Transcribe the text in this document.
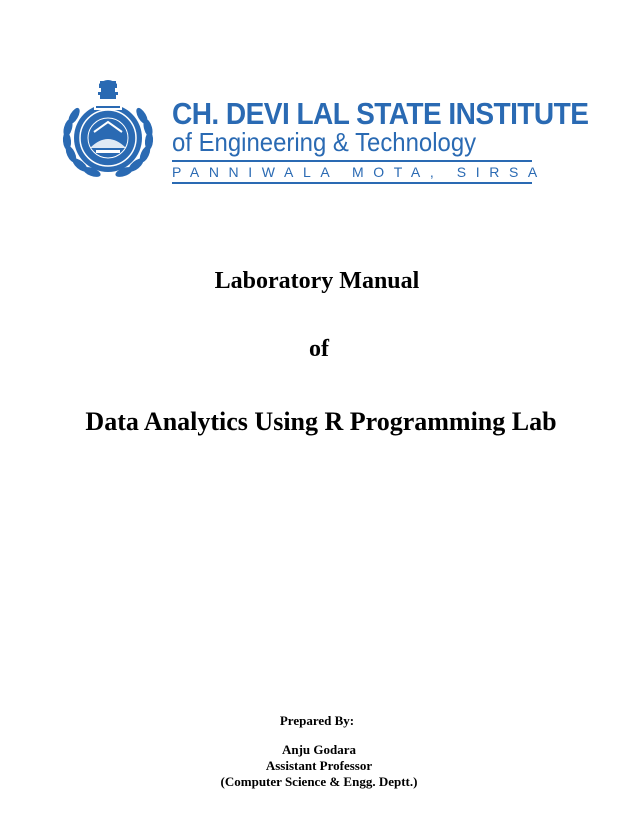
CH. DEVI LAL STATE INSTITUTE
of Engineering & Technology
PANNIWALA MOTA, SIRSA
Laboratory Manual
of
Data Analytics Using R Programming Lab
Prepared By:
Anju Godara
Assistant Professor
(Computer Science & Engg. Deptt.)
